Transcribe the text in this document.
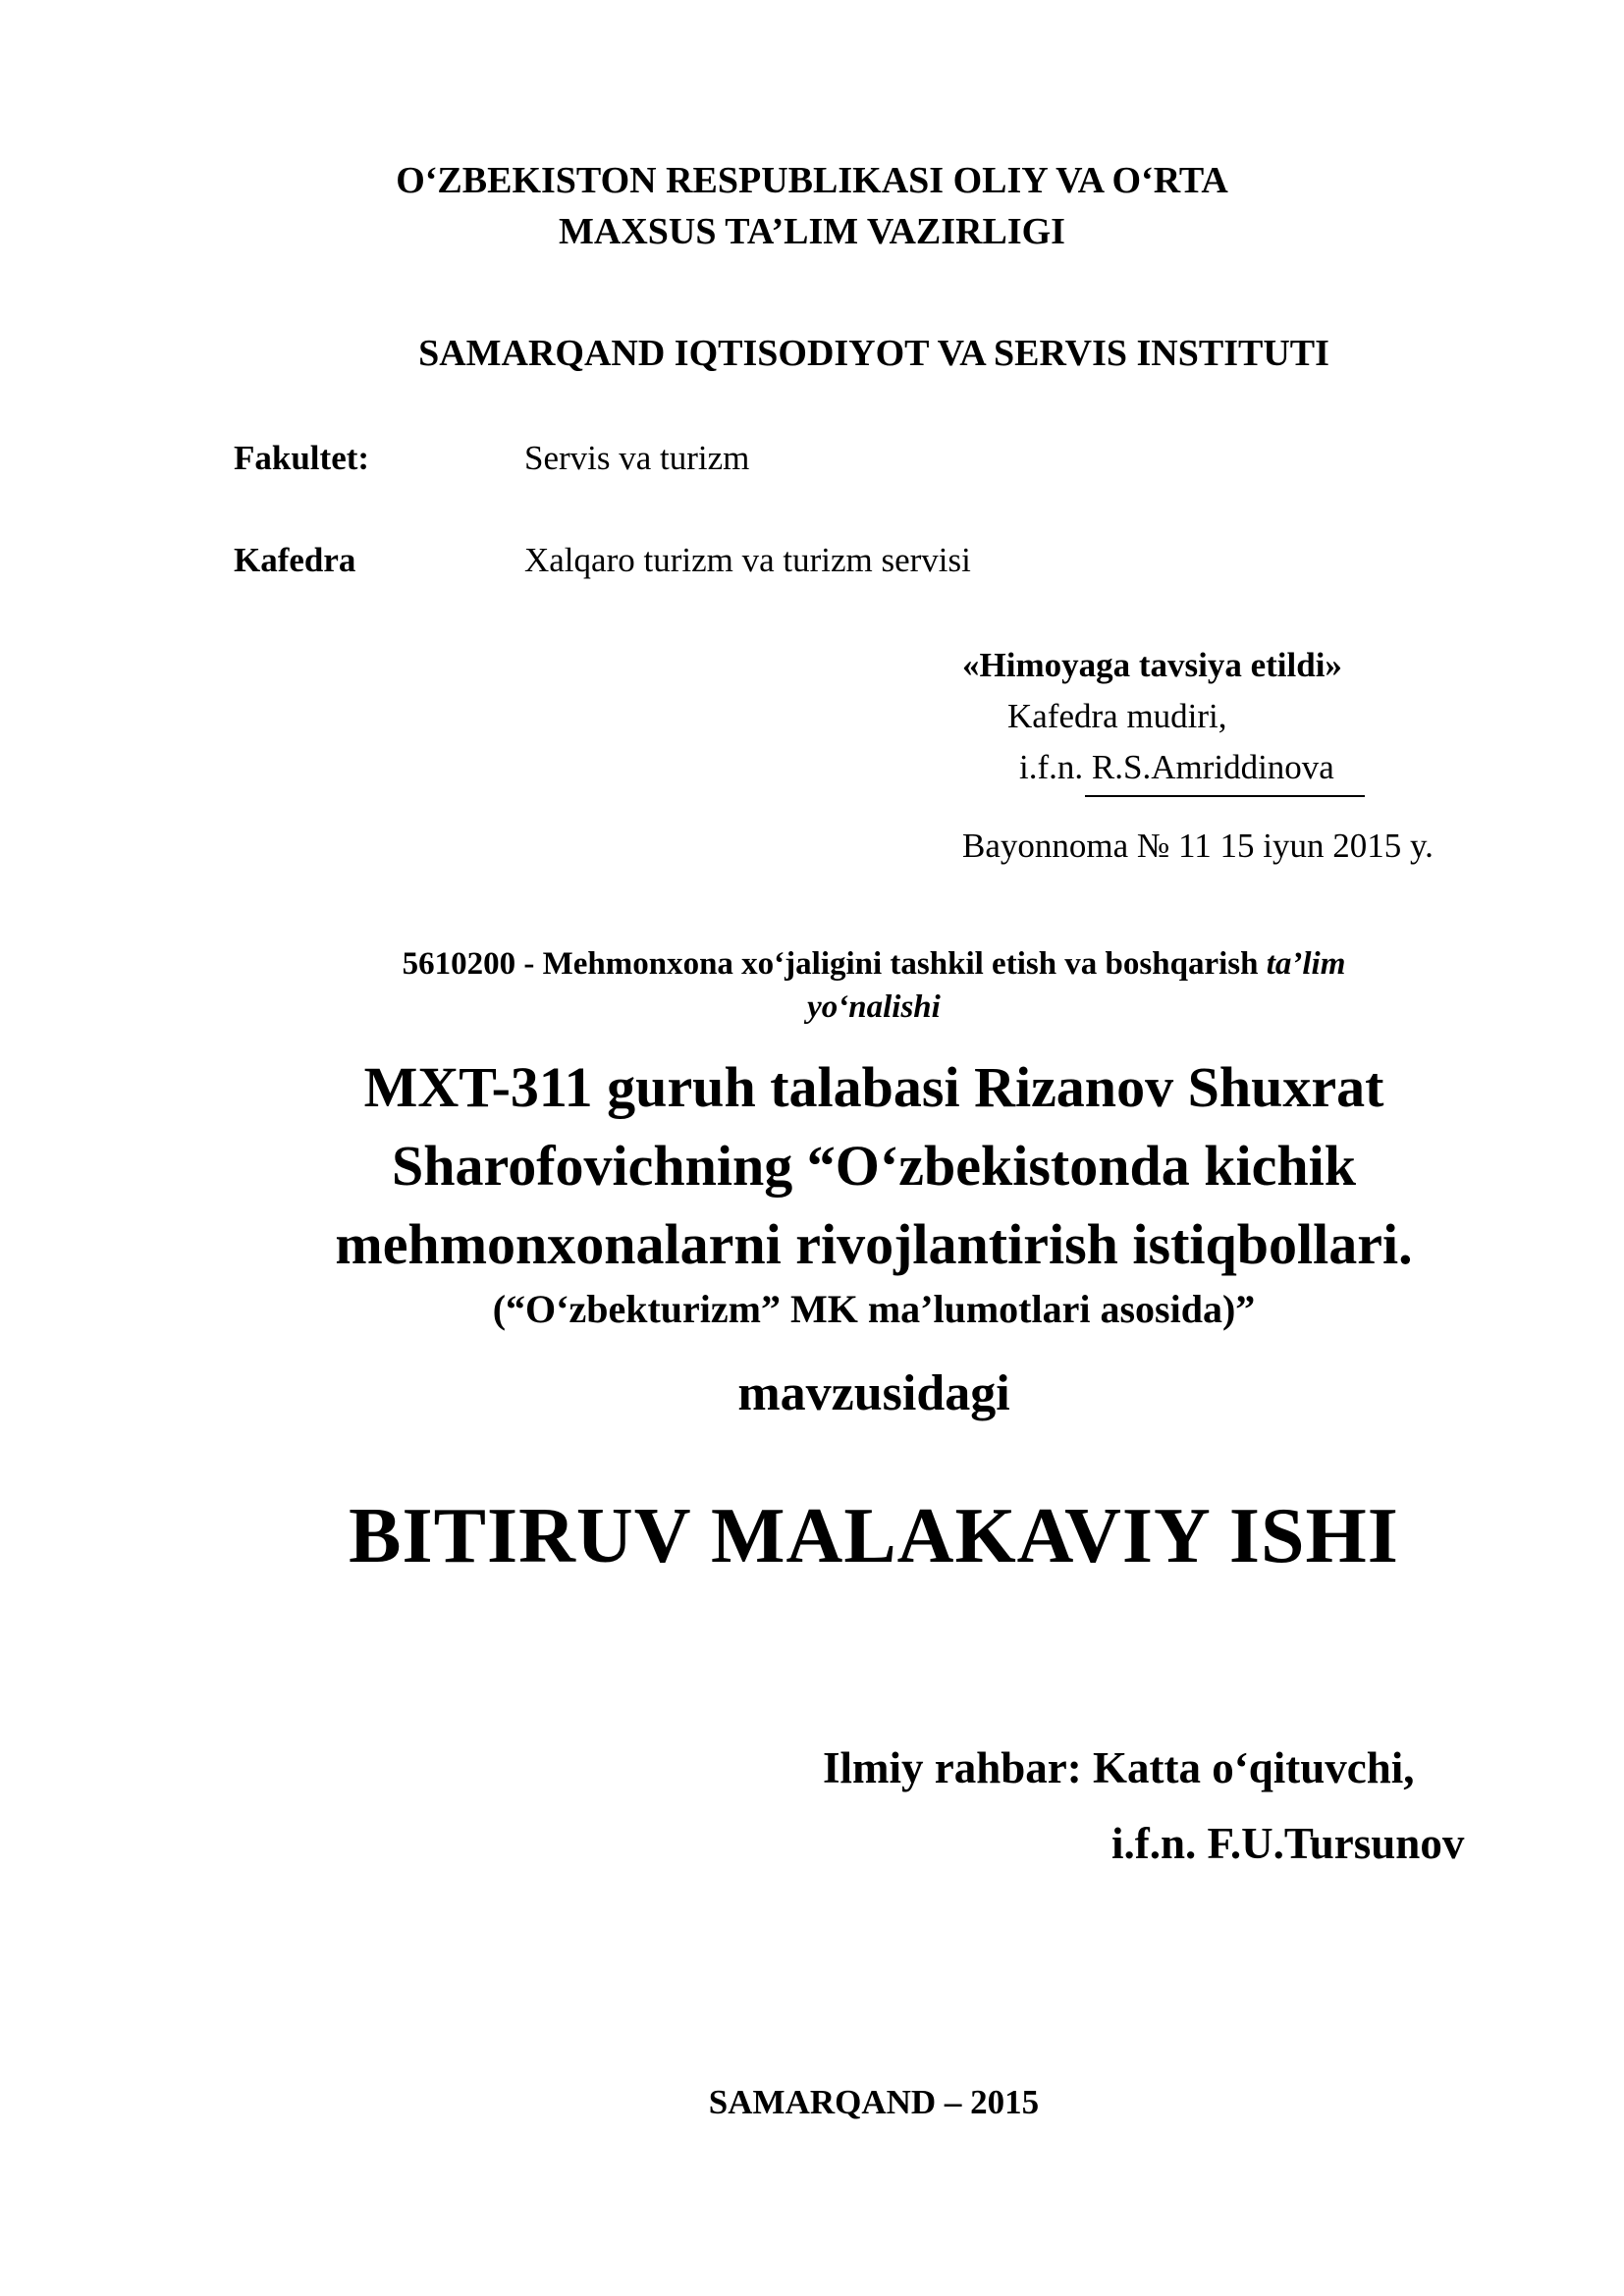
O‘ZBEKISTON RESPUBLIKASI OLIY VA O‘RTA
MAXSUS TA’LIM VAZIRLIGI
SAMARQAND IQTISODIYOT VA SERVIS INSTITUTI
Fakultet:	Servis va turizm
Kafedra	Xalqaro turizm va turizm servisi
«Himoyaga tavsiya etildi»
Kafedra mudiri,
i.f.n. R.S.Amriddinova
Bayonnoma № 11 15 iyun 2015 y.
5610200 - Mehmonxona xo‘jaligini tashkil etish va boshqarish ta’lim
yo‘nalishi
MXT-311 guruh talabasi Rizanov Shuxrat
Sharofovichning “O‘zbekistonda kichik
mehmonxonalarni rivojlantirish istiqbollari.
(“O‘zbekturizm” MK ma’lumotlari asosida)”
mavzusidagi
BITIRUV MALAKAVIY ISHI
Ilmiy rahbar: Katta o‘qituvchi,
i.f.n. F.U.Tursunov
SAMARQAND – 2015
